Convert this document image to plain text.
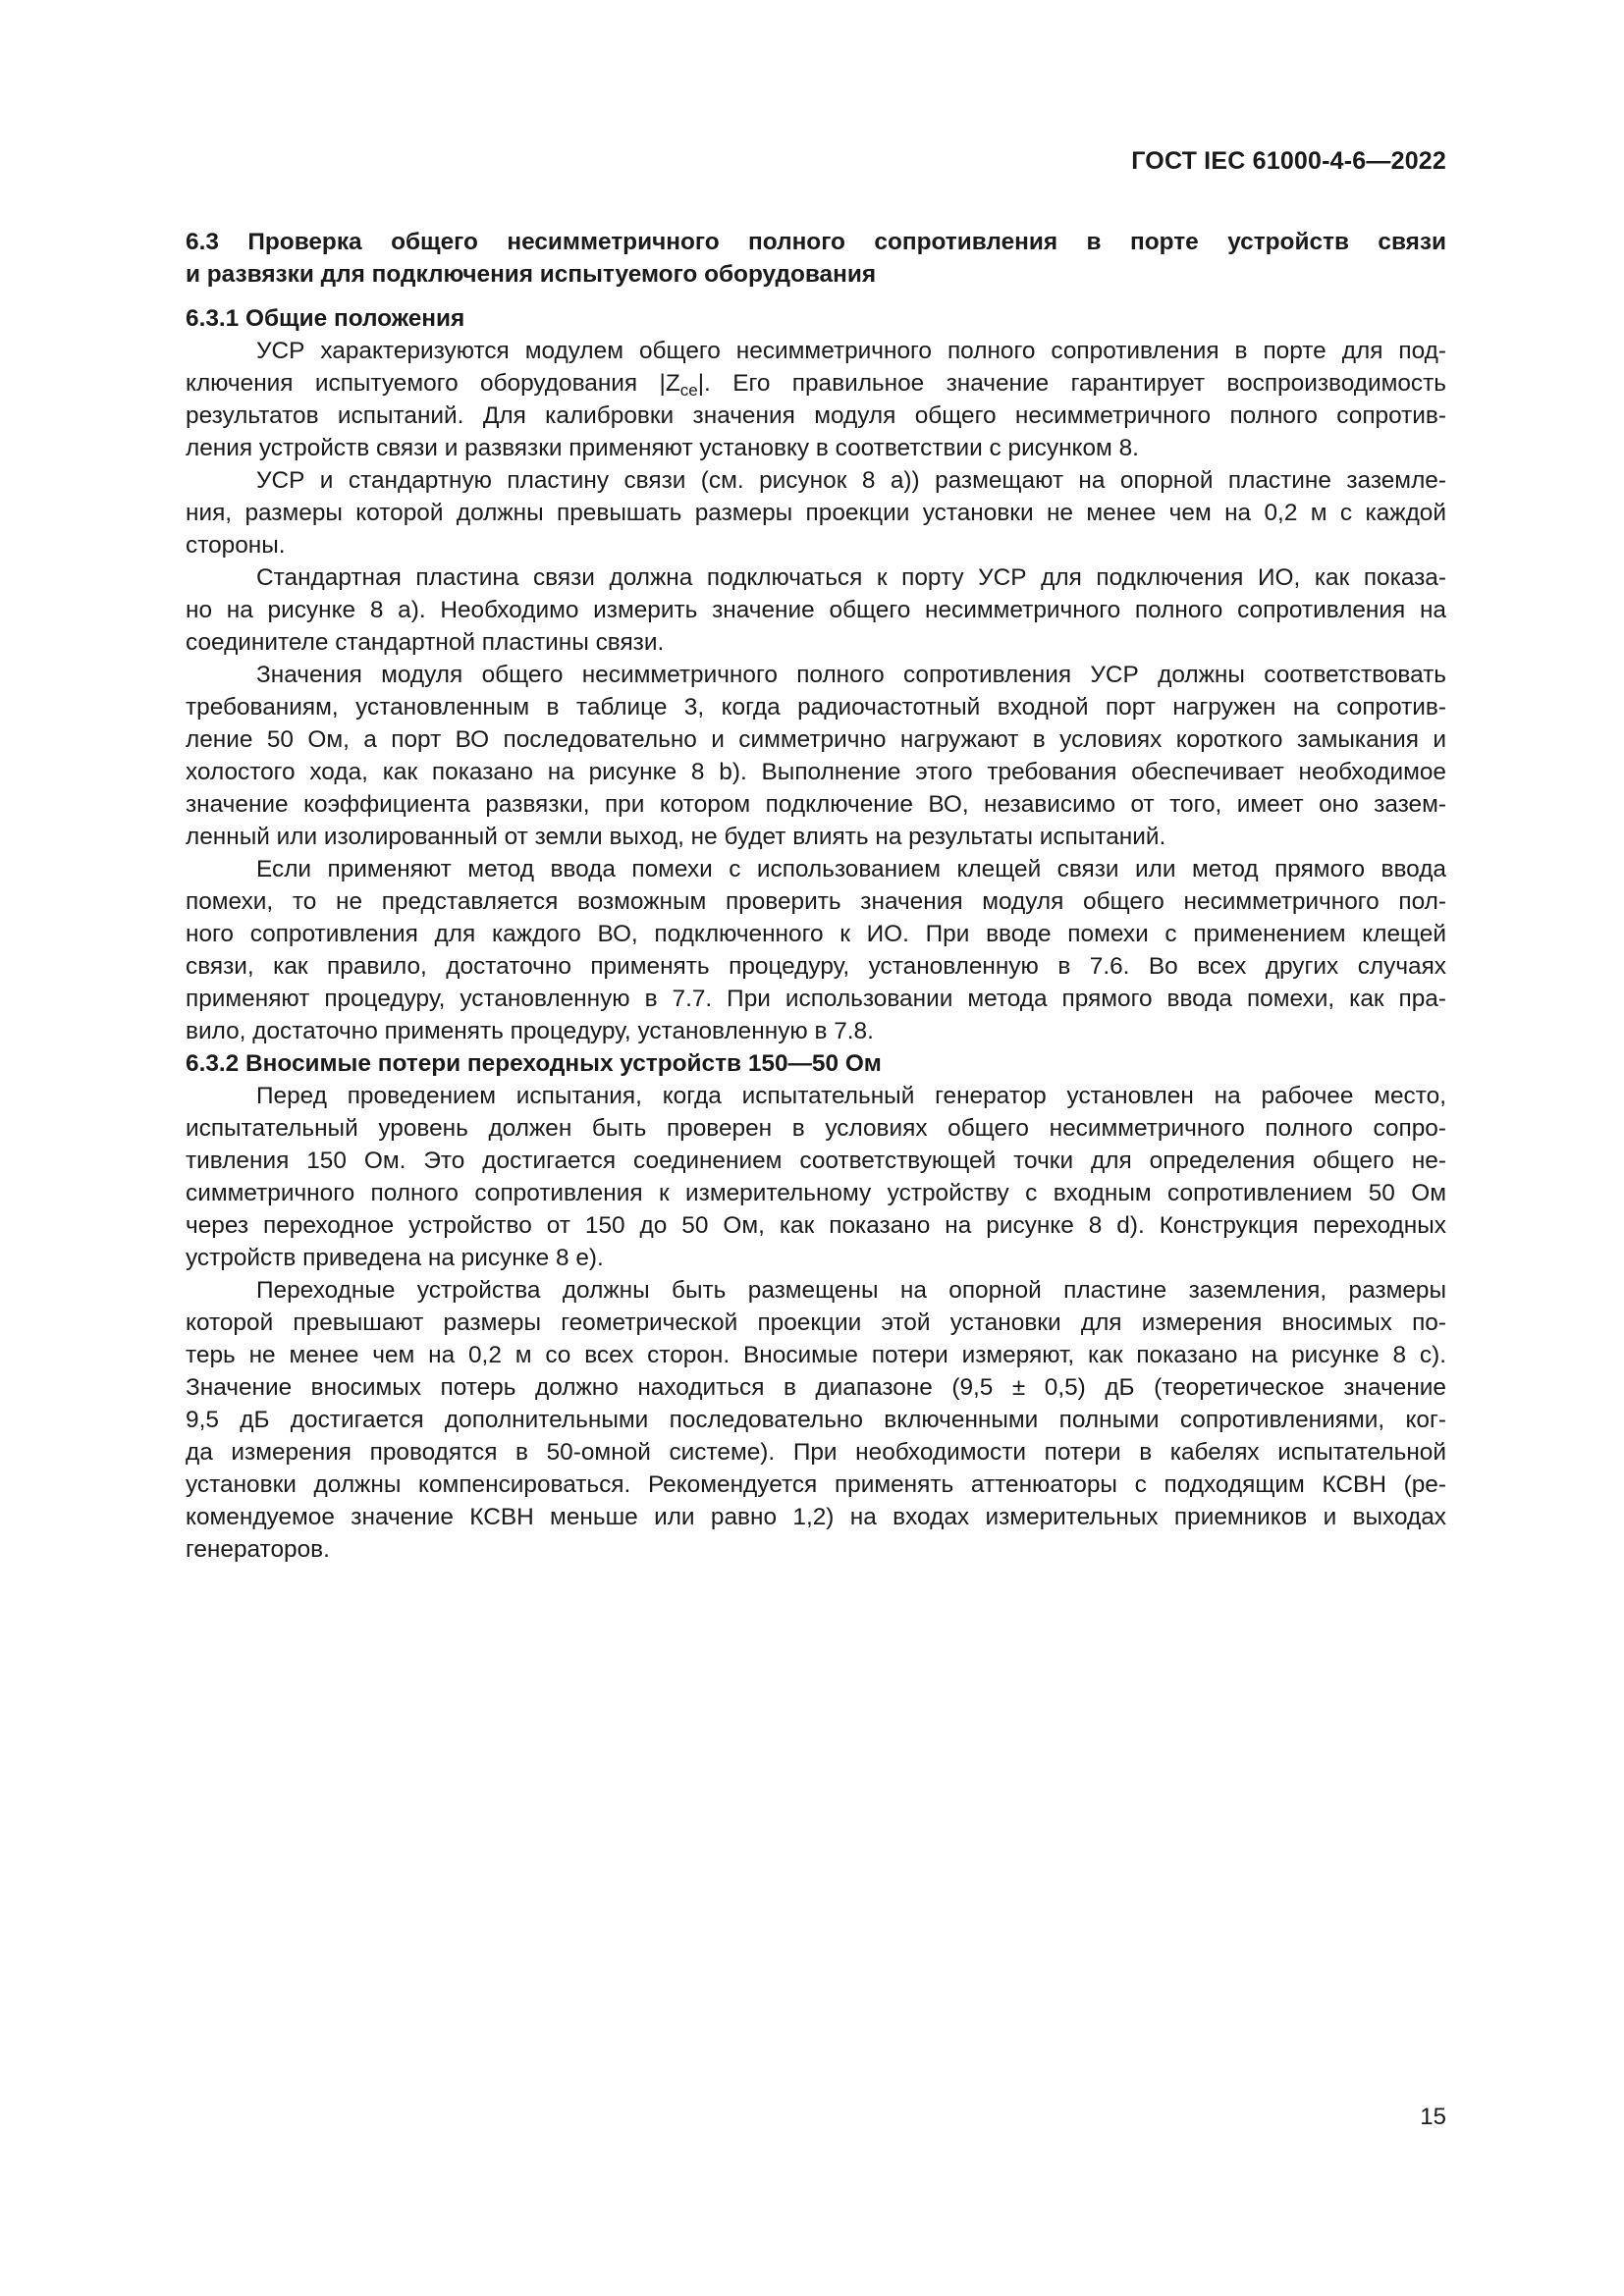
ГОСТ IEC 61000-4-6—2022
6.3 Проверка общего несимметричного полного сопротивления в порте устройств связи
и развязки для подключения испытуемого оборудования
6.3.1 Общие положения
УСР характеризуются модулем общего несимметричного полного сопротивления в порте для под-
ключения испытуемого оборудования $|Z_{ce}|$. Его правильное значение гарантирует воспроизводимость
результатов испытаний. Для калибровки значения модуля общего несимметричного полного сопротив-
ления устройств связи и развязки применяют установку в соответствии с рисунком 8.
УСР и стандартную пластину связи (см. рисунок 8 а)) размещают на опорной пластине заземле-
ния, размеры которой должны превышать размеры проекции установки не менее чем на 0,2 м с каждой
стороны.
Стандартная пластина связи должна подключаться к порту УСР для подключения ИО, как показа-
но на рисунке 8 а). Необходимо измерить значение общего несимметричного полного сопротивления на
соединителе стандартной пластины связи.
Значения модуля общего несимметричного полного сопротивления УСР должны соответствовать
требованиям, установленным в таблице 3, когда радиочастотный входной порт нагружен на сопротив-
ление 50 Ом, а порт ВО последовательно и симметрично нагружают в условиях короткого замыкания и
холостого хода, как показано на рисунке 8 b). Выполнение этого требования обеспечивает необходимое
значение коэффициента развязки, при котором подключение ВО, независимо от того, имеет оно зазем-
ленный или изолированный от земли выход, не будет влиять на результаты испытаний.
Если применяют метод ввода помехи с использованием клещей связи или метод прямого ввода
помехи, то не представляется возможным проверить значения модуля общего несимметричного пол-
ного сопротивления для каждого ВО, подключенного к ИО. При вводе помехи с применением клещей
связи, как правило, достаточно применять процедуру, установленную в 7.6. Во всех других случаях
применяют процедуру, установленную в 7.7. При использовании метода прямого ввода помехи, как пра-
вило, достаточно применять процедуру, установленную в 7.8.
6.3.2 Вносимые потери переходных устройств 150—50 Ом
Перед проведением испытания, когда испытательный генератор установлен на рабочее место,
испытательный уровень должен быть проверен в условиях общего несимметричного полного сопро-
тивления 150 Ом. Это достигается соединением соответствующей точки для определения общего не-
симметричного полного сопротивления к измерительному устройству с входным сопротивлением 50 Ом
через переходное устройство от 150 до 50 Ом, как показано на рисунке 8 d). Конструкция переходных
устройств приведена на рисунке 8 е).
Переходные устройства должны быть размещены на опорной пластине заземления, размеры
которой превышают размеры геометрической проекции этой установки для измерения вносимых по-
терь не менее чем на 0,2 м со всех сторон. Вносимые потери измеряют, как показано на рисунке 8 с).
Значение вносимых потерь должно находиться в диапазоне (9,5 ± 0,5) дБ (теоретическое значение
9,5 дБ достигается дополнительными последовательно включенными полными сопротивлениями, ког-
да измерения проводятся в 50-омной системе). При необходимости потери в кабелях испытательной
установки должны компенсироваться. Рекомендуется применять аттенюаторы с подходящим КСВН (ре-
комендуемое значение КСВН меньше или равно 1,2) на входах измерительных приемников и выходах
генераторов.
15
